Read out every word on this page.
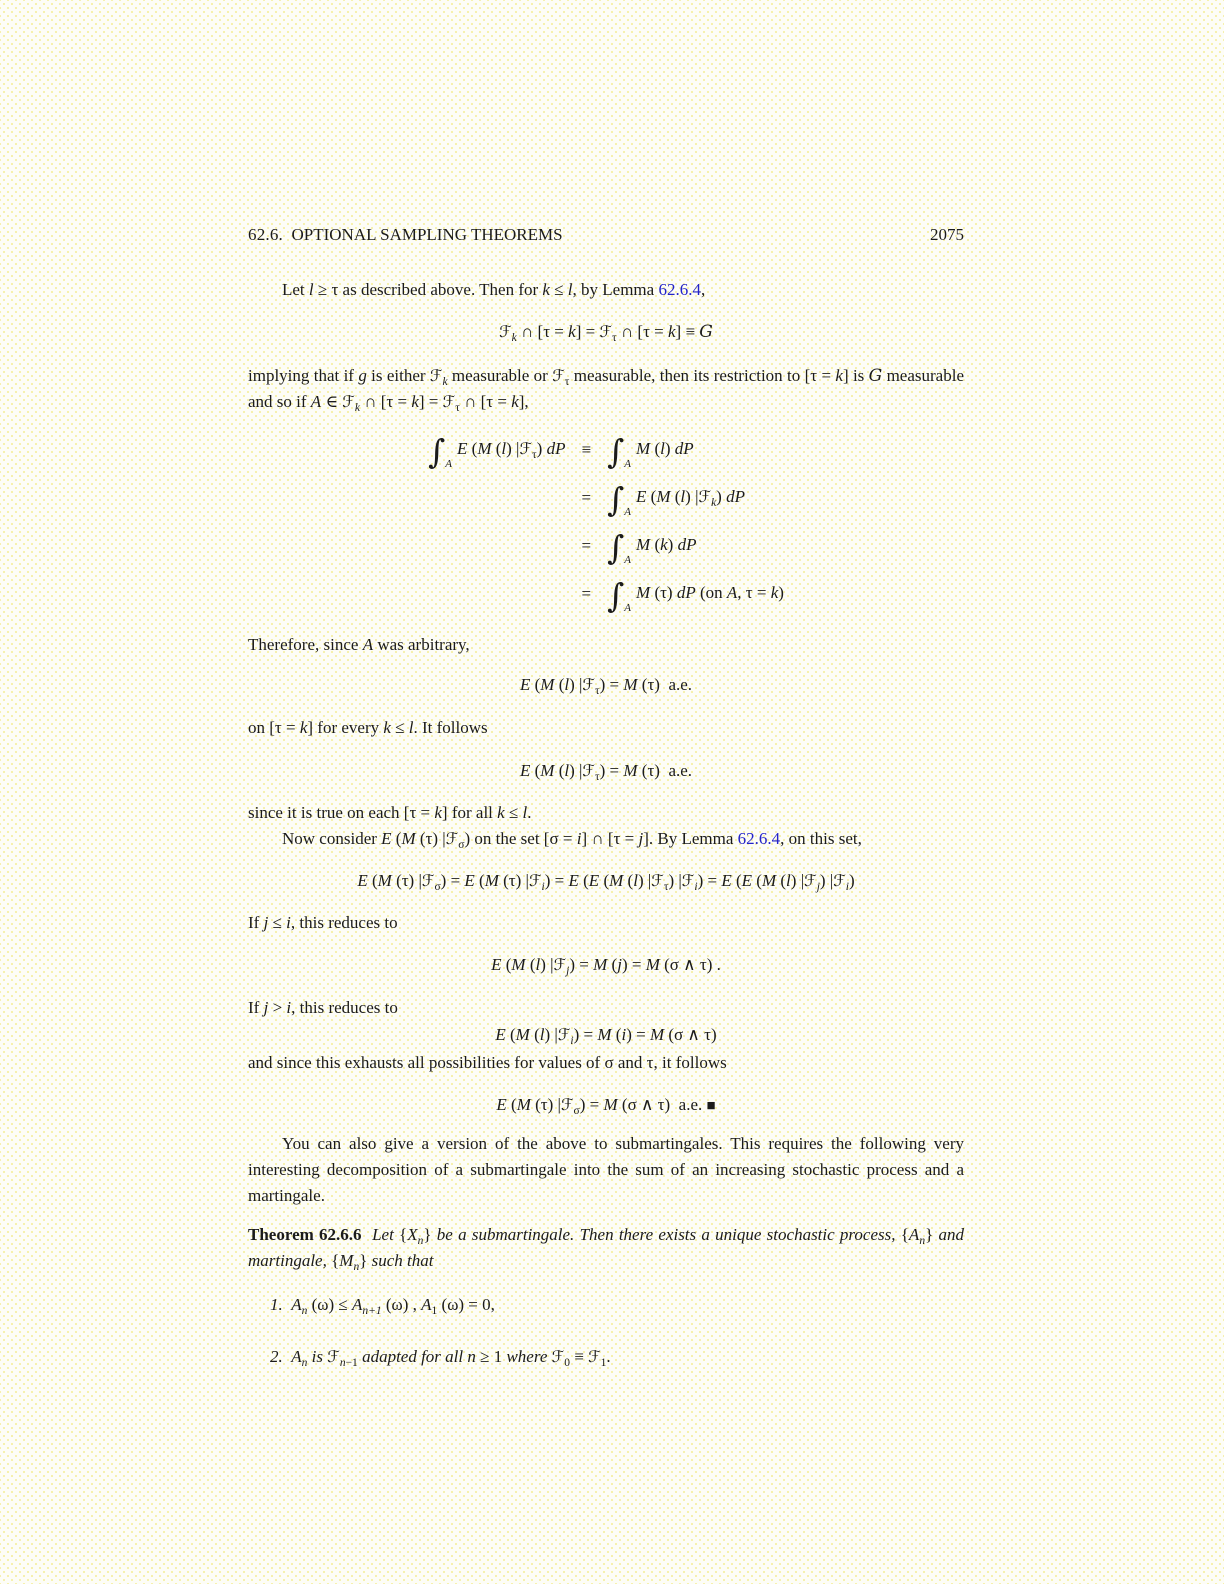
62.6. OPTIONAL SAMPLING THEOREMS	2075
Let l ≥ τ as described above. Then for k ≤ l, by Lemma 62.6.4,
ℱ$_k$ ∩ [τ = k] = ℱ$_\tau$ ∩ [τ = k] ≡ G
implying that if g is either ℱ$_k$ measurable or ℱ$_\tau$ measurable, then its restriction to [τ = k] is G measurable and so if A ∈ ℱ$_k$ ∩ [τ = k] = ℱ$_\tau$ ∩ [τ = k],
$\int_AE$ (M (l) |ℱ$_\tau$) dP	≡	$\int_AM$ (l) dP
	=	$\int_AE$ (M (l) |ℱ$_k$) dP
	=	$\int_AM$ (k) dP
	=	$\int_AM$ (τ) dP (on A, τ = k)
Therefore, since A was arbitrary,
E (M (l) |ℱ$_\tau$) = M (τ)  a.e.
on [τ = k] for every k ≤ l. It follows
E (M (l) |ℱ$_\tau$) = M (τ)  a.e.
since it is true on each [τ = k] for all k ≤ l.
Now consider E (M (τ) |ℱ$_\sigma$) on the set [σ = i] ∩ [τ = j]. By Lemma 62.6.4, on this set,
E (M (τ) |ℱ$_\sigma$) = E (M (τ) |ℱ$_i$) = E (E (M (l) |ℱ$_\tau$) |ℱ$_i$) = E (E (M (l) |ℱ$_j$) |ℱ$_i$)
If j ≤ i, this reduces to
E (M (l) |ℱ$_j$) = M (j) = M (σ ∧ τ) .
If j > i, this reduces to
E (M (l) |ℱ$_i$) = M (i) = M (σ ∧ τ)
and since this exhausts all possibilities for values of σ and τ, it follows
E (M (τ) |ℱ$_\sigma$) = M (σ ∧ τ)  a.e. ■
You can also give a version of the above to submartingales. This requires the following very interesting decomposition of a submartingale into the sum of an increasing stochastic process and a martingale.
Theorem 62.6.6 Let $\{X_n\}$ be a submartingale. Then there exists a unique stochastic process, $\{A_n\}$ and martingale, $\{M_n\}$ such that
1. $A_n$ $(\omega) \le A_{n+1}$ (ω) , $A_1$ (ω) = 0,
2. $A_n$ is ℱ$_{n-1}$ adapted for all n ≥ 1 where ℱ$_0$ ≡ ℱ$_1$.
